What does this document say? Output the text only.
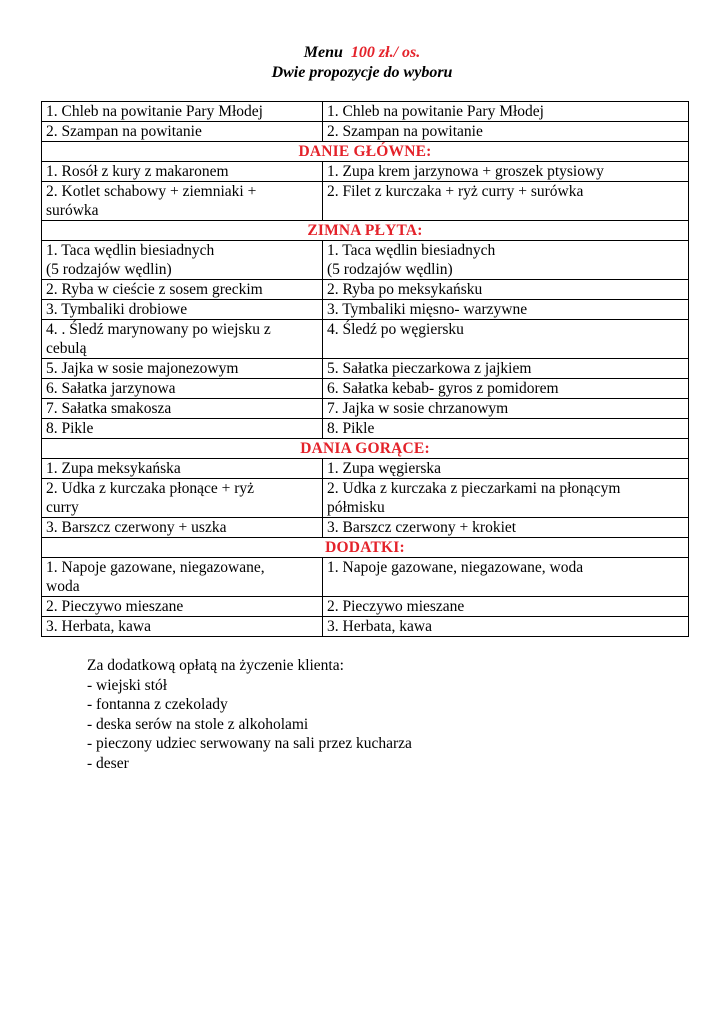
Menu 100 zł./ os.
Dwie propozycje do wyboru
1. Chleb na powitanie Pary Młodej	1. Chleb na powitanie Pary Młodej
2. Szampan na powitanie	2. Szampan na powitanie
DANIE GŁÓWNE:	

1. Rosół z kury z makaronem	1. Zupa krem jarzynowa + groszek ptysiowy

2. Kotlet schabowy + ziemniaki +
surówka	2. Filet z kurczaka + ryż curry + surówka

ZIMNA PŁYTA:	

1. Taca wędlin biesiadnych
(5 rodzajów wędlin)	1. Taca wędlin biesiadnych
(5 rodzajów wędlin)

2. Ryba w cieście z sosem greckim	2. Ryba po meksykańsku

3. Tymbaliki drobiowe	3. Tymbaliki mięsno- warzywne

4. . Śledź marynowany po wiejsku z
cebulą	4. Śledź po węgiersku

5. Jajka w sosie majonezowym	5. Sałatka pieczarkowa z jajkiem

6. Sałatka jarzynowa	6. Sałatka kebab- gyros z pomidorem

7. Sałatka smakosza	7. Jajka w sosie chrzanowym

8. Pikle	8. Pikle

DANIA GORĄCE:	

1. Zupa meksykańska	1. Zupa węgierska

2. Udka z kurczaka płonące + ryż
curry	2. Udka z kurczaka z pieczarkami na płonącym
półmisku

3. Barszcz czerwony + uszka	3. Barszcz czerwony + krokiet

DODATKI:	

1. Napoje gazowane, niegazowane,
woda	1. Napoje gazowane, niegazowane, woda

2. Pieczywo mieszane	2. Pieczywo mieszane

3. Herbata, kawa	3. Herbata, kawa
Za dodatkową opłatą na życzenie klienta:
- wiejski stół
- fontanna z czekolady
- deska serów na stole z alkoholami
- pieczony udziec serwowany na sali przez kucharza
- deser
